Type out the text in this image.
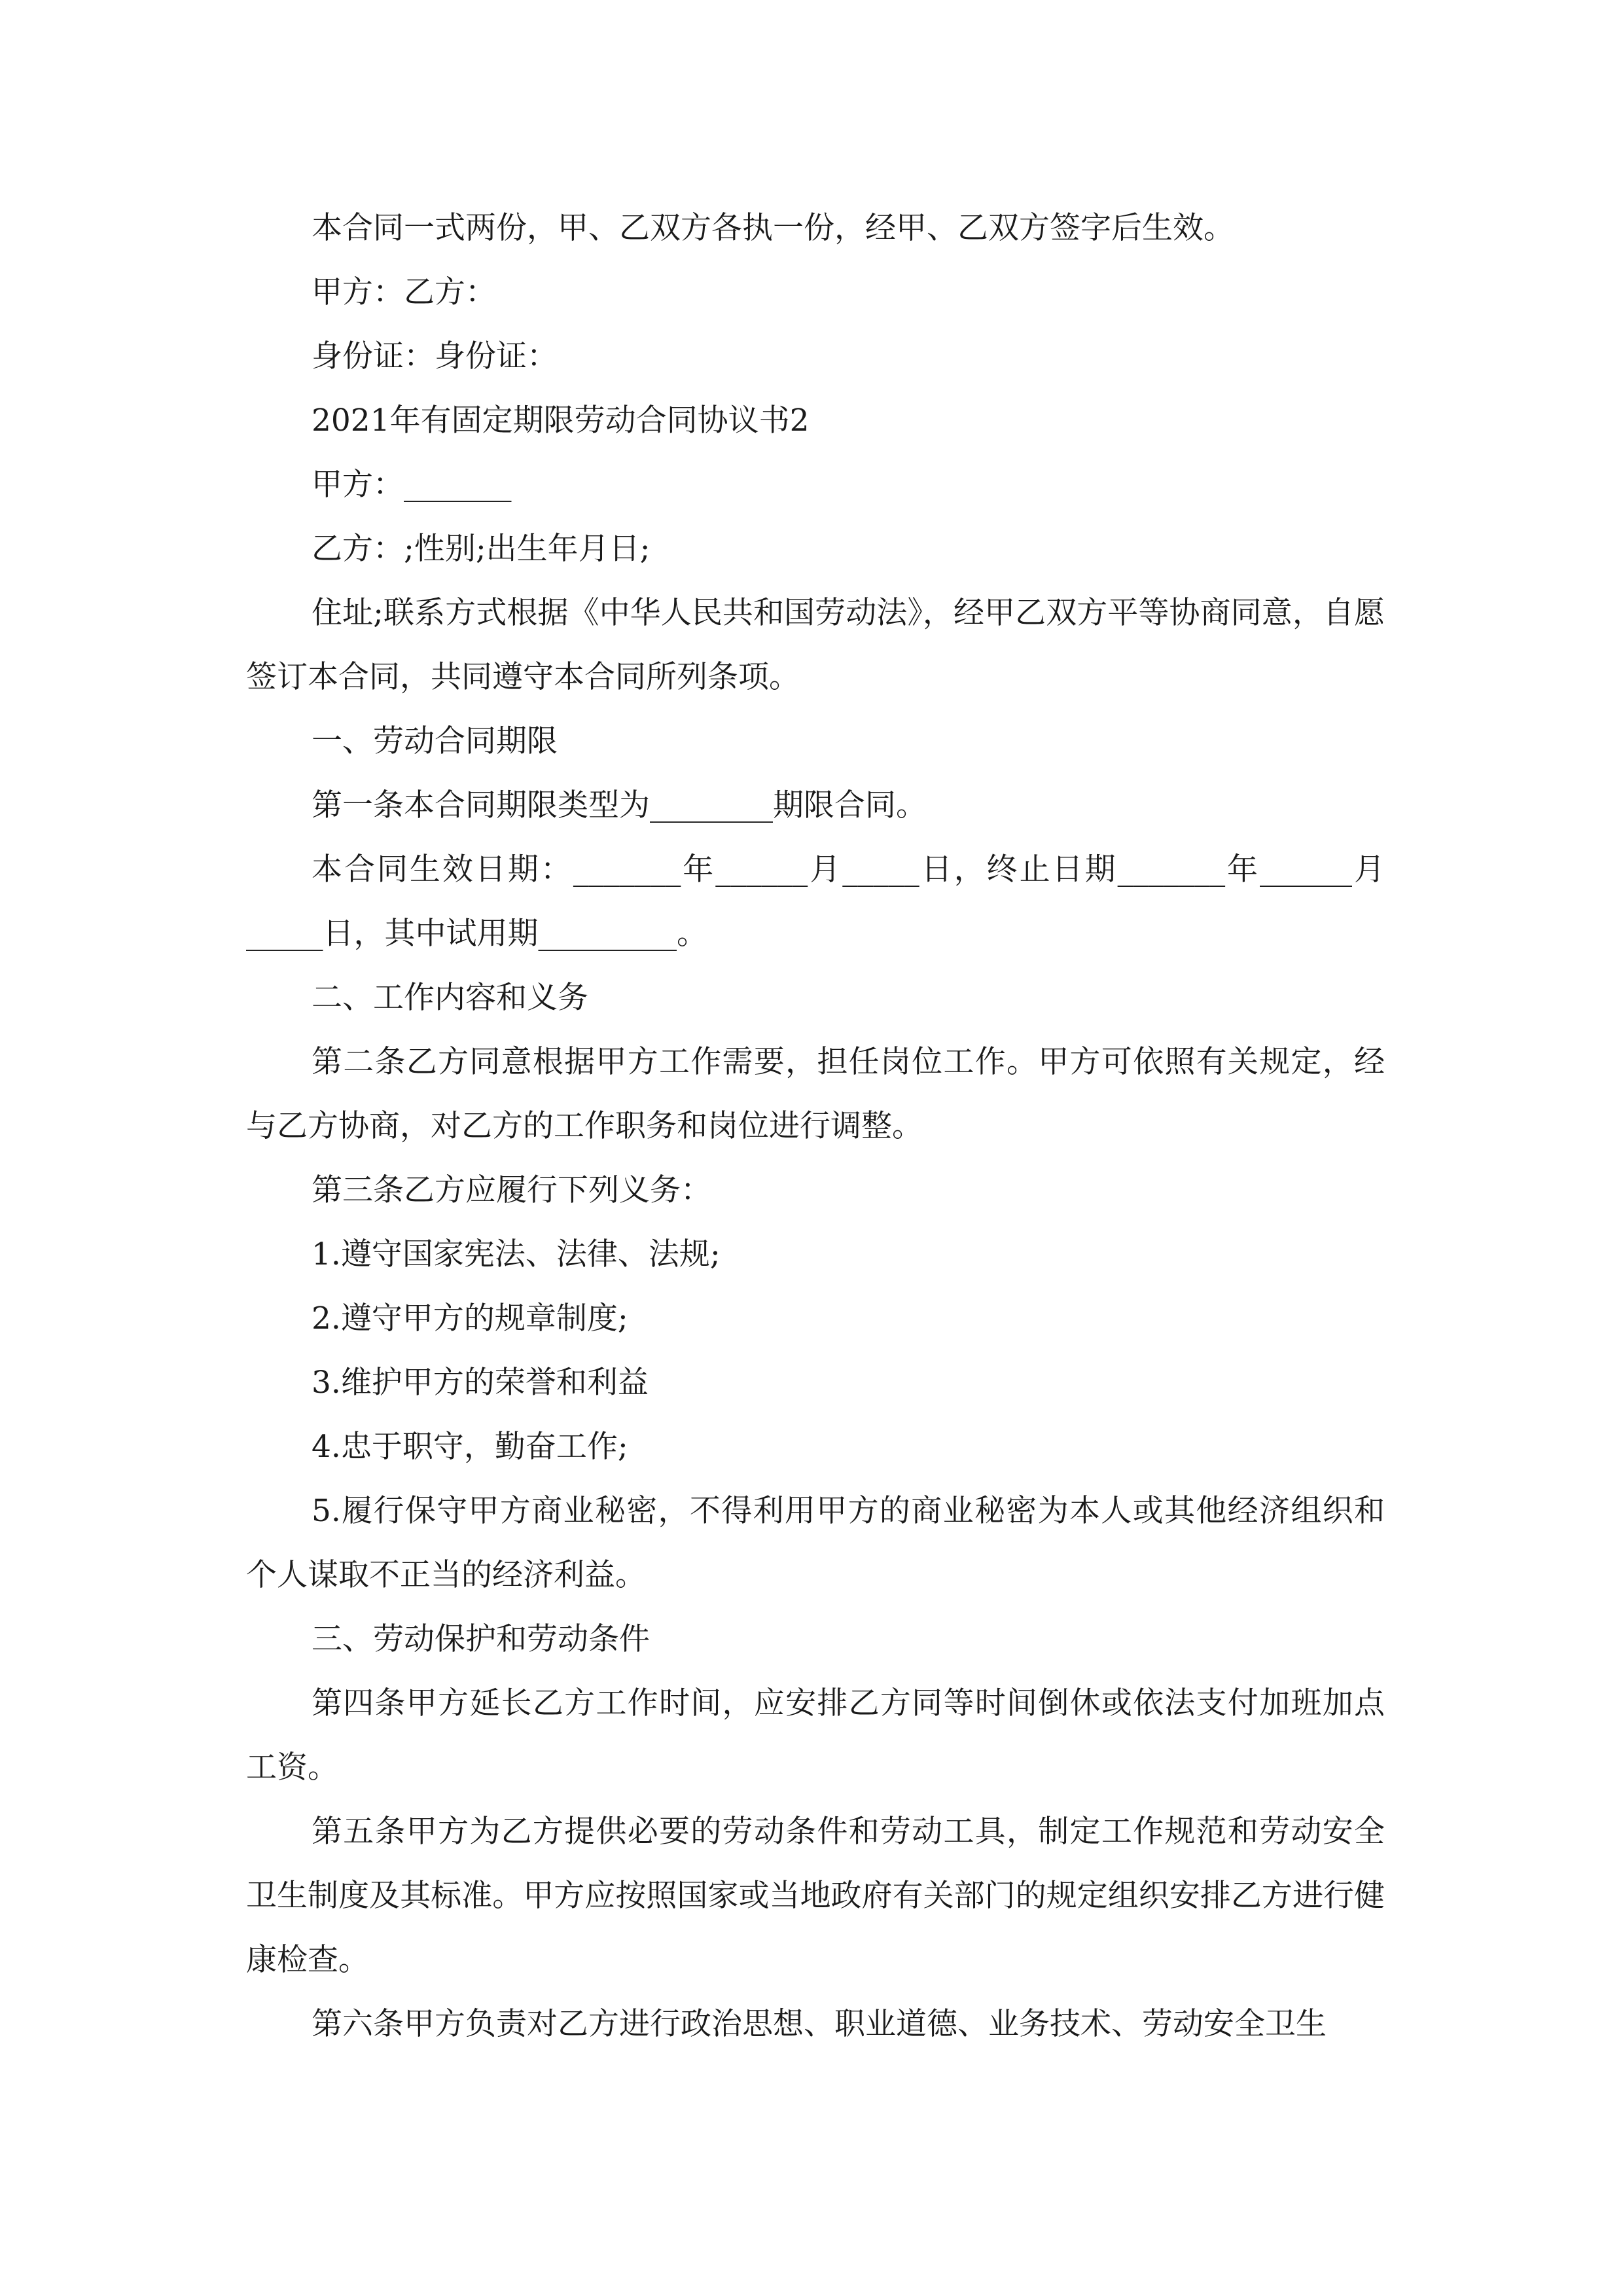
本合同一式两份，甲、乙双方各执一份，经甲、乙双方签字后生效。

甲方：乙方：

身份证：身份证：

2021年有固定期限劳动合同协议书2

甲方：_______

乙方：;性别;出生年月日;

住址;联系方式根据《中华人民共和国劳动法》，经甲乙双方平等协商同意，自愿签订本合同，共同遵守本合同所列条项。

一、劳动合同期限

第一条本合同期限类型为________期限合同。

本合同生效日期：_______年______月_____日，终止日期_______年______月_____日，其中试用期_________。

二、工作内容和义务

第二条乙方同意根据甲方工作需要，担任岗位工作。甲方可依照有关规定，经与乙方协商，对乙方的工作职务和岗位进行调整。

第三条乙方应履行下列义务：

1.遵守国家宪法、法律、法规;

2.遵守甲方的规章制度;

3.维护甲方的荣誉和利益

4.忠于职守，勤奋工作;

5.履行保守甲方商业秘密，不得利用甲方的商业秘密为本人或其他经济组织和个人谋取不正当的经济利益。

三、劳动保护和劳动条件

第四条甲方延长乙方工作时间，应安排乙方同等时间倒休或依法支付加班加点工资。

第五条甲方为乙方提供必要的劳动条件和劳动工具，制定工作规范和劳动安全卫生制度及其标准。甲方应按照国家或当地政府有关部门的规定组织安排乙方进行健康检查。

第六条甲方负责对乙方进行政治思想、职业道德、业务技术、劳动安全卫生
